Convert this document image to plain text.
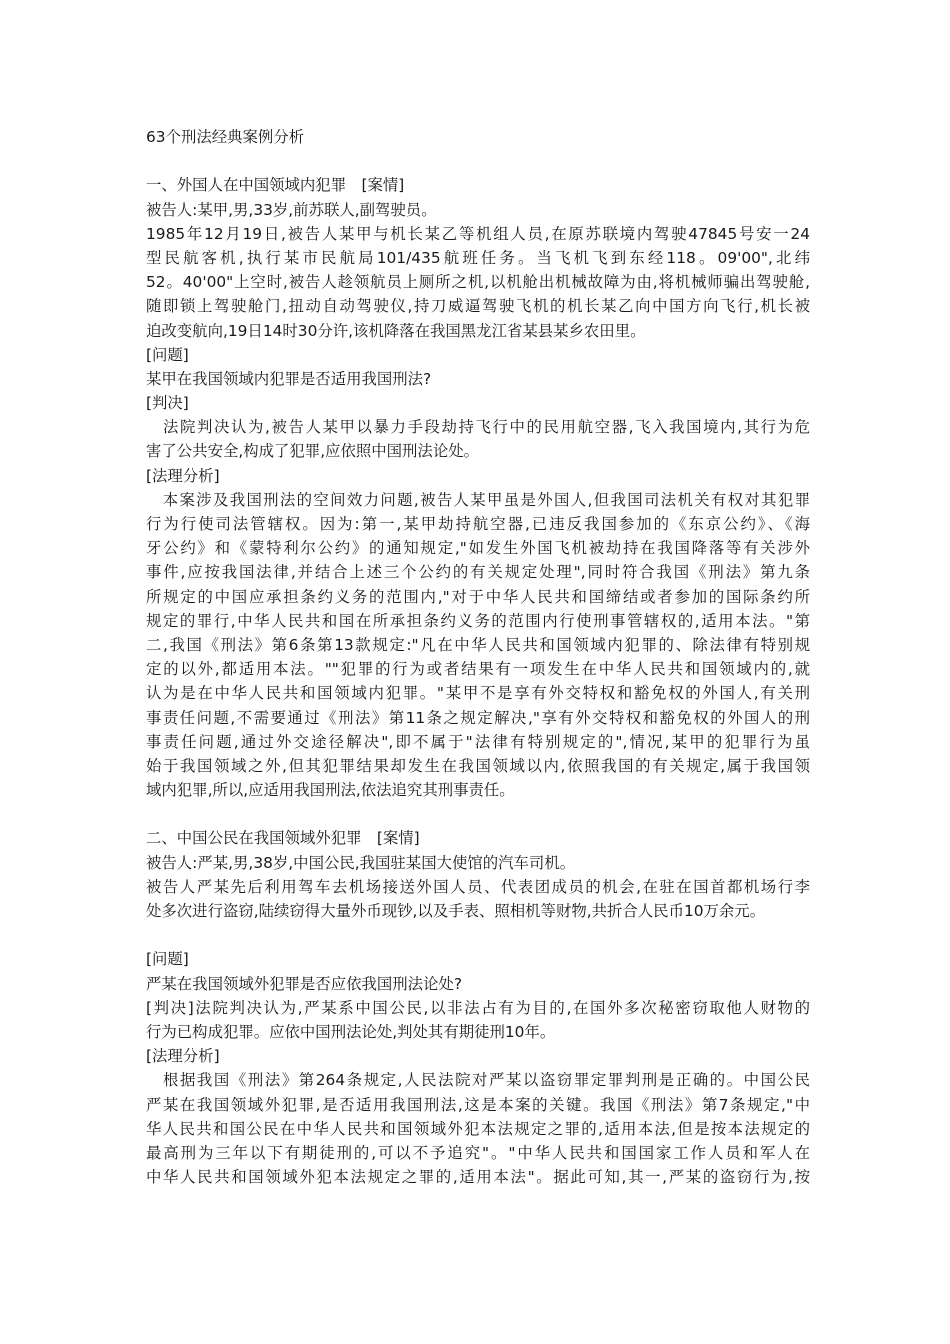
63个刑法经典案例分析
一、外国人在中国领域内犯罪　[案情]
被告人:某甲,男,33岁,前苏联人,副驾驶员。
1985年12月19日,被告人某甲与机长某乙等机组人员,在原苏联境内驾驶47845号安一24
型民航客机,执行某市民航局101/435航班任务。当飞机飞到东经118。09'00",北纬
52。40'00"上空时,被告人趁领航员上厕所之机,以机舱出机械故障为由,将机械师骗出驾驶舱,
随即锁上驾驶舱门,扭动自动驾驶仪,持刀威逼驾驶飞机的机长某乙向中国方向飞行,机长被
迫改变航向,19日14时30分许,该机降落在我国黑龙江省某县某乡农田里。
[问题]
某甲在我国领域内犯罪是否适用我国刑法?
[判决]
　法院判决认为,被告人某甲以暴力手段劫持飞行中的民用航空器,飞入我国境内,其行为危
害了公共安全,构成了犯罪,应依照中国刑法论处。
[法理分析]
　本案涉及我国刑法的空间效力问题,被告人某甲虽是外国人,但我国司法机关有权对其犯罪
行为行使司法管辖权。因为:第一,某甲劫持航空器,已违反我国参加的《东京公约》、《海
牙公约》和《蒙特利尔公约》的通知规定,"如发生外国飞机被劫持在我国降落等有关涉外
事件,应按我国法律,并结合上述三个公约的有关规定处理",同时符合我国《刑法》第九条
所规定的中国应承担条约义务的范围内,"对于中华人民共和国缔结或者参加的国际条约所
规定的罪行,中华人民共和国在所承担条约义务的范围内行使刑事管辖权的,适用本法。"第
二,我国《刑法》第6条第13款规定:"凡在中华人民共和国领域内犯罪的、除法律有特别规
定的以外,都适用本法。""犯罪的行为或者结果有一项发生在中华人民共和国领域内的,就
认为是在中华人民共和国领域内犯罪。"某甲不是享有外交特权和豁免权的外国人,有关刑
事责任问题,不需要通过《刑法》第11条之规定解决,"享有外交特权和豁免权的外国人的刑
事责任问题,通过外交途径解决",即不属于"法律有特别规定的",情况,某甲的犯罪行为虽
始于我国领域之外,但其犯罪结果却发生在我国领域以内,依照我国的有关规定,属于我国领
域内犯罪,所以,应适用我国刑法,依法追究其刑事责任。
二、中国公民在我国领域外犯罪　[案情]
被告人:严某,男,38岁,中国公民,我国驻某国大使馆的汽车司机。
被告人严某先后利用驾车去机场接送外国人员、代表团成员的机会,在驻在国首都机场行李
处多次进行盗窃,陆续窃得大量外币现钞,以及手表、照相机等财物,共折合人民币10万余元。
[问题]
严某在我国领域外犯罪是否应依我国刑法论处?
[判决]法院判决认为,严某系中国公民,以非法占有为目的,在国外多次秘密窃取他人财物的
行为已构成犯罪。应依中国刑法论处,判处其有期徒刑10年。
[法理分析]
　根据我国《刑法》第264条规定,人民法院对严某以盗窃罪定罪判刑是正确的。中国公民
严某在我国领域外犯罪,是否适用我国刑法,这是本案的关键。我国《刑法》第7条规定,"中
华人民共和国公民在中华人民共和国领域外犯本法规定之罪的,适用本法,但是按本法规定的
最高刑为三年以下有期徒刑的,可以不予追究"。"中华人民共和国国家工作人员和军人在
中华人民共和国领域外犯本法规定之罪的,适用本法"。据此可知,其一,严某的盗窃行为,按
